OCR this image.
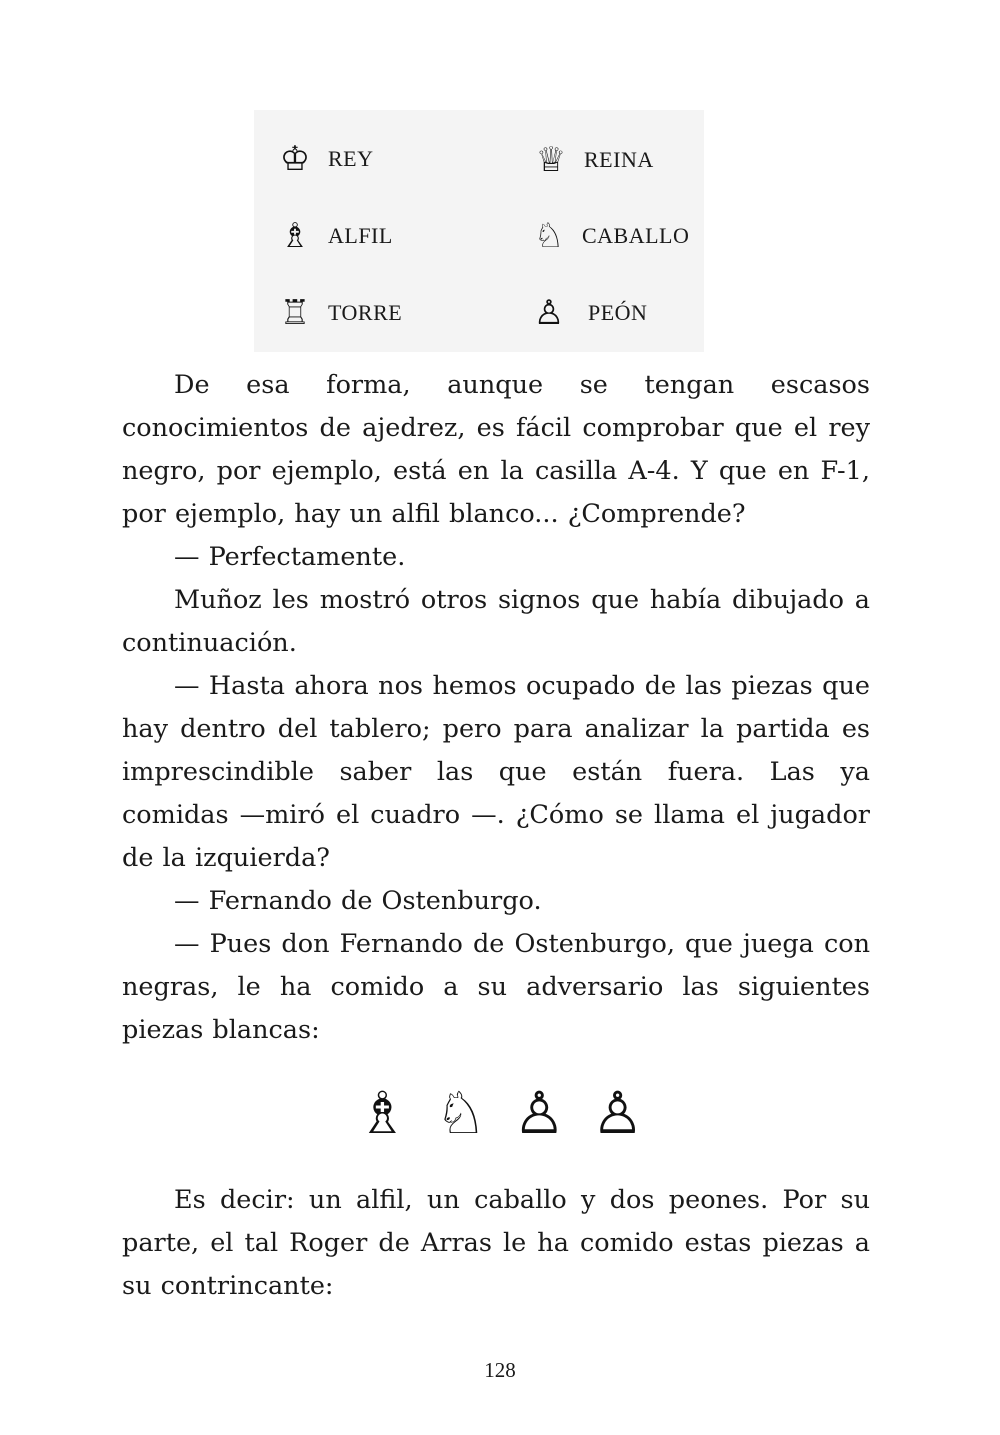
♔ REY	♕ REINA
♗ ALFIL	♘ CABALLO
♖ TORRE	♙	PEÓN

De esa forma, aunque se tengan escasos conocimientos de ajedrez, es fácil comprobar que el rey negro, por ejemplo, está en la casilla A-4. Y que en F-1, por ejemplo, hay un alfil blanco... ¿Comprende?

— Perfectamente.

Muñoz les mostró otros signos que había dibujado a continuación.

— Hasta ahora nos hemos ocupado de las piezas que hay dentro del tablero; pero para analizar la partida es imprescindible saber las que están fuera. Las ya comidas —miró el cuadro —. ¿Cómo se llama el jugador de la izquierda?

— Fernando de Ostenburgo.

— Pues don Fernando de Ostenburgo, que juega con negras, le ha comido a su adversario las siguientes piezas blancas:

♗ ♘ ♙ ♙

Es decir: un alfil, un caballo y dos peones. Por su parte, el tal Roger de Arras le ha comido estas piezas a su contrincante:

128
